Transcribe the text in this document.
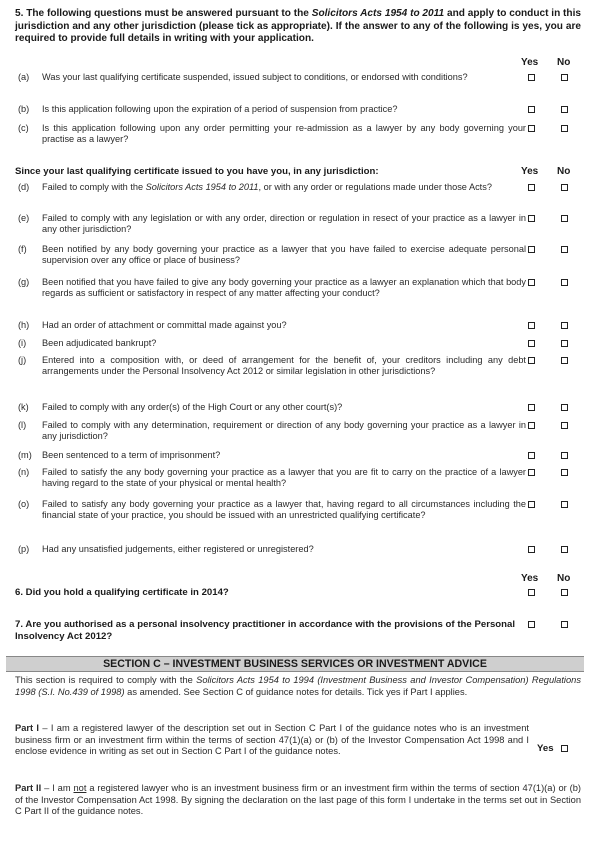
5. The following questions must be answered pursuant to the Solicitors Acts 1954 to 2011 and apply to conduct in this jurisdiction and any other jurisdiction (please tick as appropriate). If the answer to any of the following is yes, you are required to provide full details in writing with your application.
Yes No
(a)	Was your last qualifying certificate suspended, issued subject to conditions, or endorsed with conditions?
(b)	Is this application following upon the expiration of a period of suspension from practice?
(c)	Is this application following upon any order permitting your re-admission as a lawyer by any body governing your practise as a lawyer?
Since your last qualifying certificate issued to you have you, in any jurisdiction:	Yes No
(d)	Failed to comply with the Solicitors Acts 1954 to 2011, or with any order or regulations made under those Acts?
(e)	Failed to comply with any legislation or with any order, direction or regulation in resect of your practice as a lawyer in any other jurisdiction?
(f)	Been notified by any body governing your practice as a lawyer that you have failed to exercise adequate personal supervision over any office or place of business?
(g)	Been notified that you have failed to give any body governing your practice as a lawyer an explanation which that body regards as sufficient or satisfactory in respect of any matter affecting your conduct?
(h)	Had an order of attachment or committal made against you?
(i)	Been adjudicated bankrupt?
(j)	Entered into a composition with, or deed of arrangement for the benefit of, your creditors including any debt arrangements under the Personal Insolvency Act 2012 or similar legislation in other jurisdictions?
(k)	Failed to comply with any order(s) of the High Court or any other court(s)?
(l)	Failed to comply with any determination, requirement or direction of any body governing your practice as a lawyer in any jurisdiction?
(m)	Been sentenced to a term of imprisonment?
(n)	Failed to satisfy the any body governing your practice as a lawyer that you are fit to carry on the practice of a lawyer having regard to the state of your physical or mental health?
(o)	Failed to satisfy any body governing your practice as a lawyer that, having regard to all circumstances including the financial state of your practice, you should be issued with an unrestricted qualifying certificate?
(p)	Had any unsatisfied judgements, either registered or unregistered?
Yes No
6. Did you hold a qualifying certificate in 2014?
7. Are you authorised as a personal insolvency practitioner in accordance with the provisions of the Personal Insolvency Act 2012?
SECTION C – INVESTMENT BUSINESS SERVICES OR INVESTMENT ADVICE
This section is required to comply with the Solicitors Acts 1954 to 1994 (Investment Business and Investor Compensation) Regulations 1998 (S.I. No.439 of 1998) as amended. See Section C of guidance notes for details. Tick yes if Part I applies.
Part I – I am a registered lawyer of the description set out in Section C Part I of the guidance notes who is an investment business firm or an investment firm within the terms of section 47(1)(a) or (b) of the Investor Compensation Act 1998 and I enclose evidence in writing as set out in Section C Part I of the guidance notes.	Yes
Part II – I am not a registered lawyer who is an investment business firm or an investment firm within the terms of section 47(1)(a) or (b) of the Investor Compensation Act 1998. By signing the declaration on the last page of this form I undertake in the terms set out in Section C Part II of the guidance notes.
